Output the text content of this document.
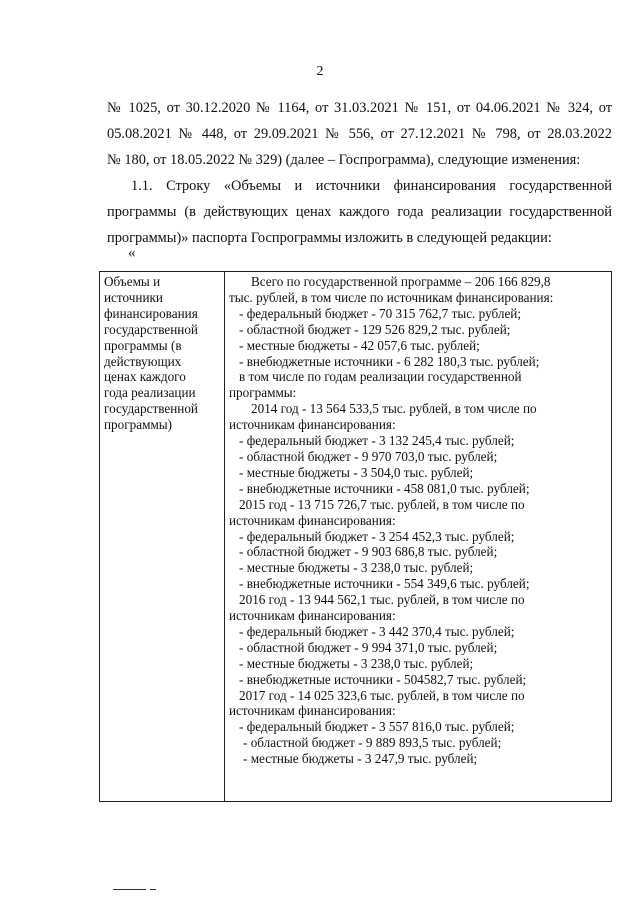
2
№ 1025, от 30.12.2020 № 1164, от 31.03.2021 № 151, от 04.06.2021 № 324, от
05.08.2021 № 448, от 29.09.2021 № 556, от 27.12.2021 № 798, от 28.03.2022
№ 180, от 18.05.2022 № 329) (далее – Госпрограмма), следующие изменения:
1.1. Строку «Объемы и источники финансирования государственной
программы (в действующих ценах каждого года реализации государственной
программы)» паспорта Госпрограммы изложить в следующей редакции:
«
Объемы и
источники
финансирования
государственной
программы (в
действующих
ценах каждого
года реализации
государственной
программы)

Всего по государственной программе – 206 166 829,8
тыс. рублей, в том числе по источникам финансирования:
- федеральный бюджет - 70 315 762,7 тыс. рублей;
- областной бюджет - 129 526 829,2 тыс. рублей;
- местные бюджеты - 42 057,6 тыс. рублей;
- внебюджетные источники - 6 282 180,3 тыс. рублей;
в том числе по годам реализации государственной
программы:
2014 год - 13 564 533,5 тыс. рублей, в том числе по
источникам финансирования:
- федеральный бюджет - 3 132 245,4 тыс. рублей;
- областной бюджет - 9 970 703,0 тыс. рублей;
- местные бюджеты - 3 504,0 тыс. рублей;
- внебюджетные источники - 458 081,0 тыс. рублей;
2015 год - 13 715 726,7 тыс. рублей, в том числе по
источникам финансирования:
- федеральный бюджет - 3 254 452,3 тыс. рублей;
- областной бюджет - 9 903 686,8 тыс. рублей;
- местные бюджеты - 3 238,0 тыс. рублей;
- внебюджетные источники - 554 349,6 тыс. рублей;
2016 год - 13 944 562,1 тыс. рублей, в том числе по
источникам финансирования:
- федеральный бюджет - 3 442 370,4 тыс. рублей;
- областной бюджет - 9 994 371,0 тыс. рублей;
- местные бюджеты - 3 238,0 тыс. рублей;
- внебюджетные источники - 504582,7 тыс. рублей;
2017 год - 14 025 323,6 тыс. рублей, в том числе по
источникам финансирования:
- федеральный бюджет - 3 557 816,0 тыс. рублей;
- областной бюджет - 9 889 893,5 тыс. рублей;
- местные бюджеты - 3 247,9 тыс. рублей;
